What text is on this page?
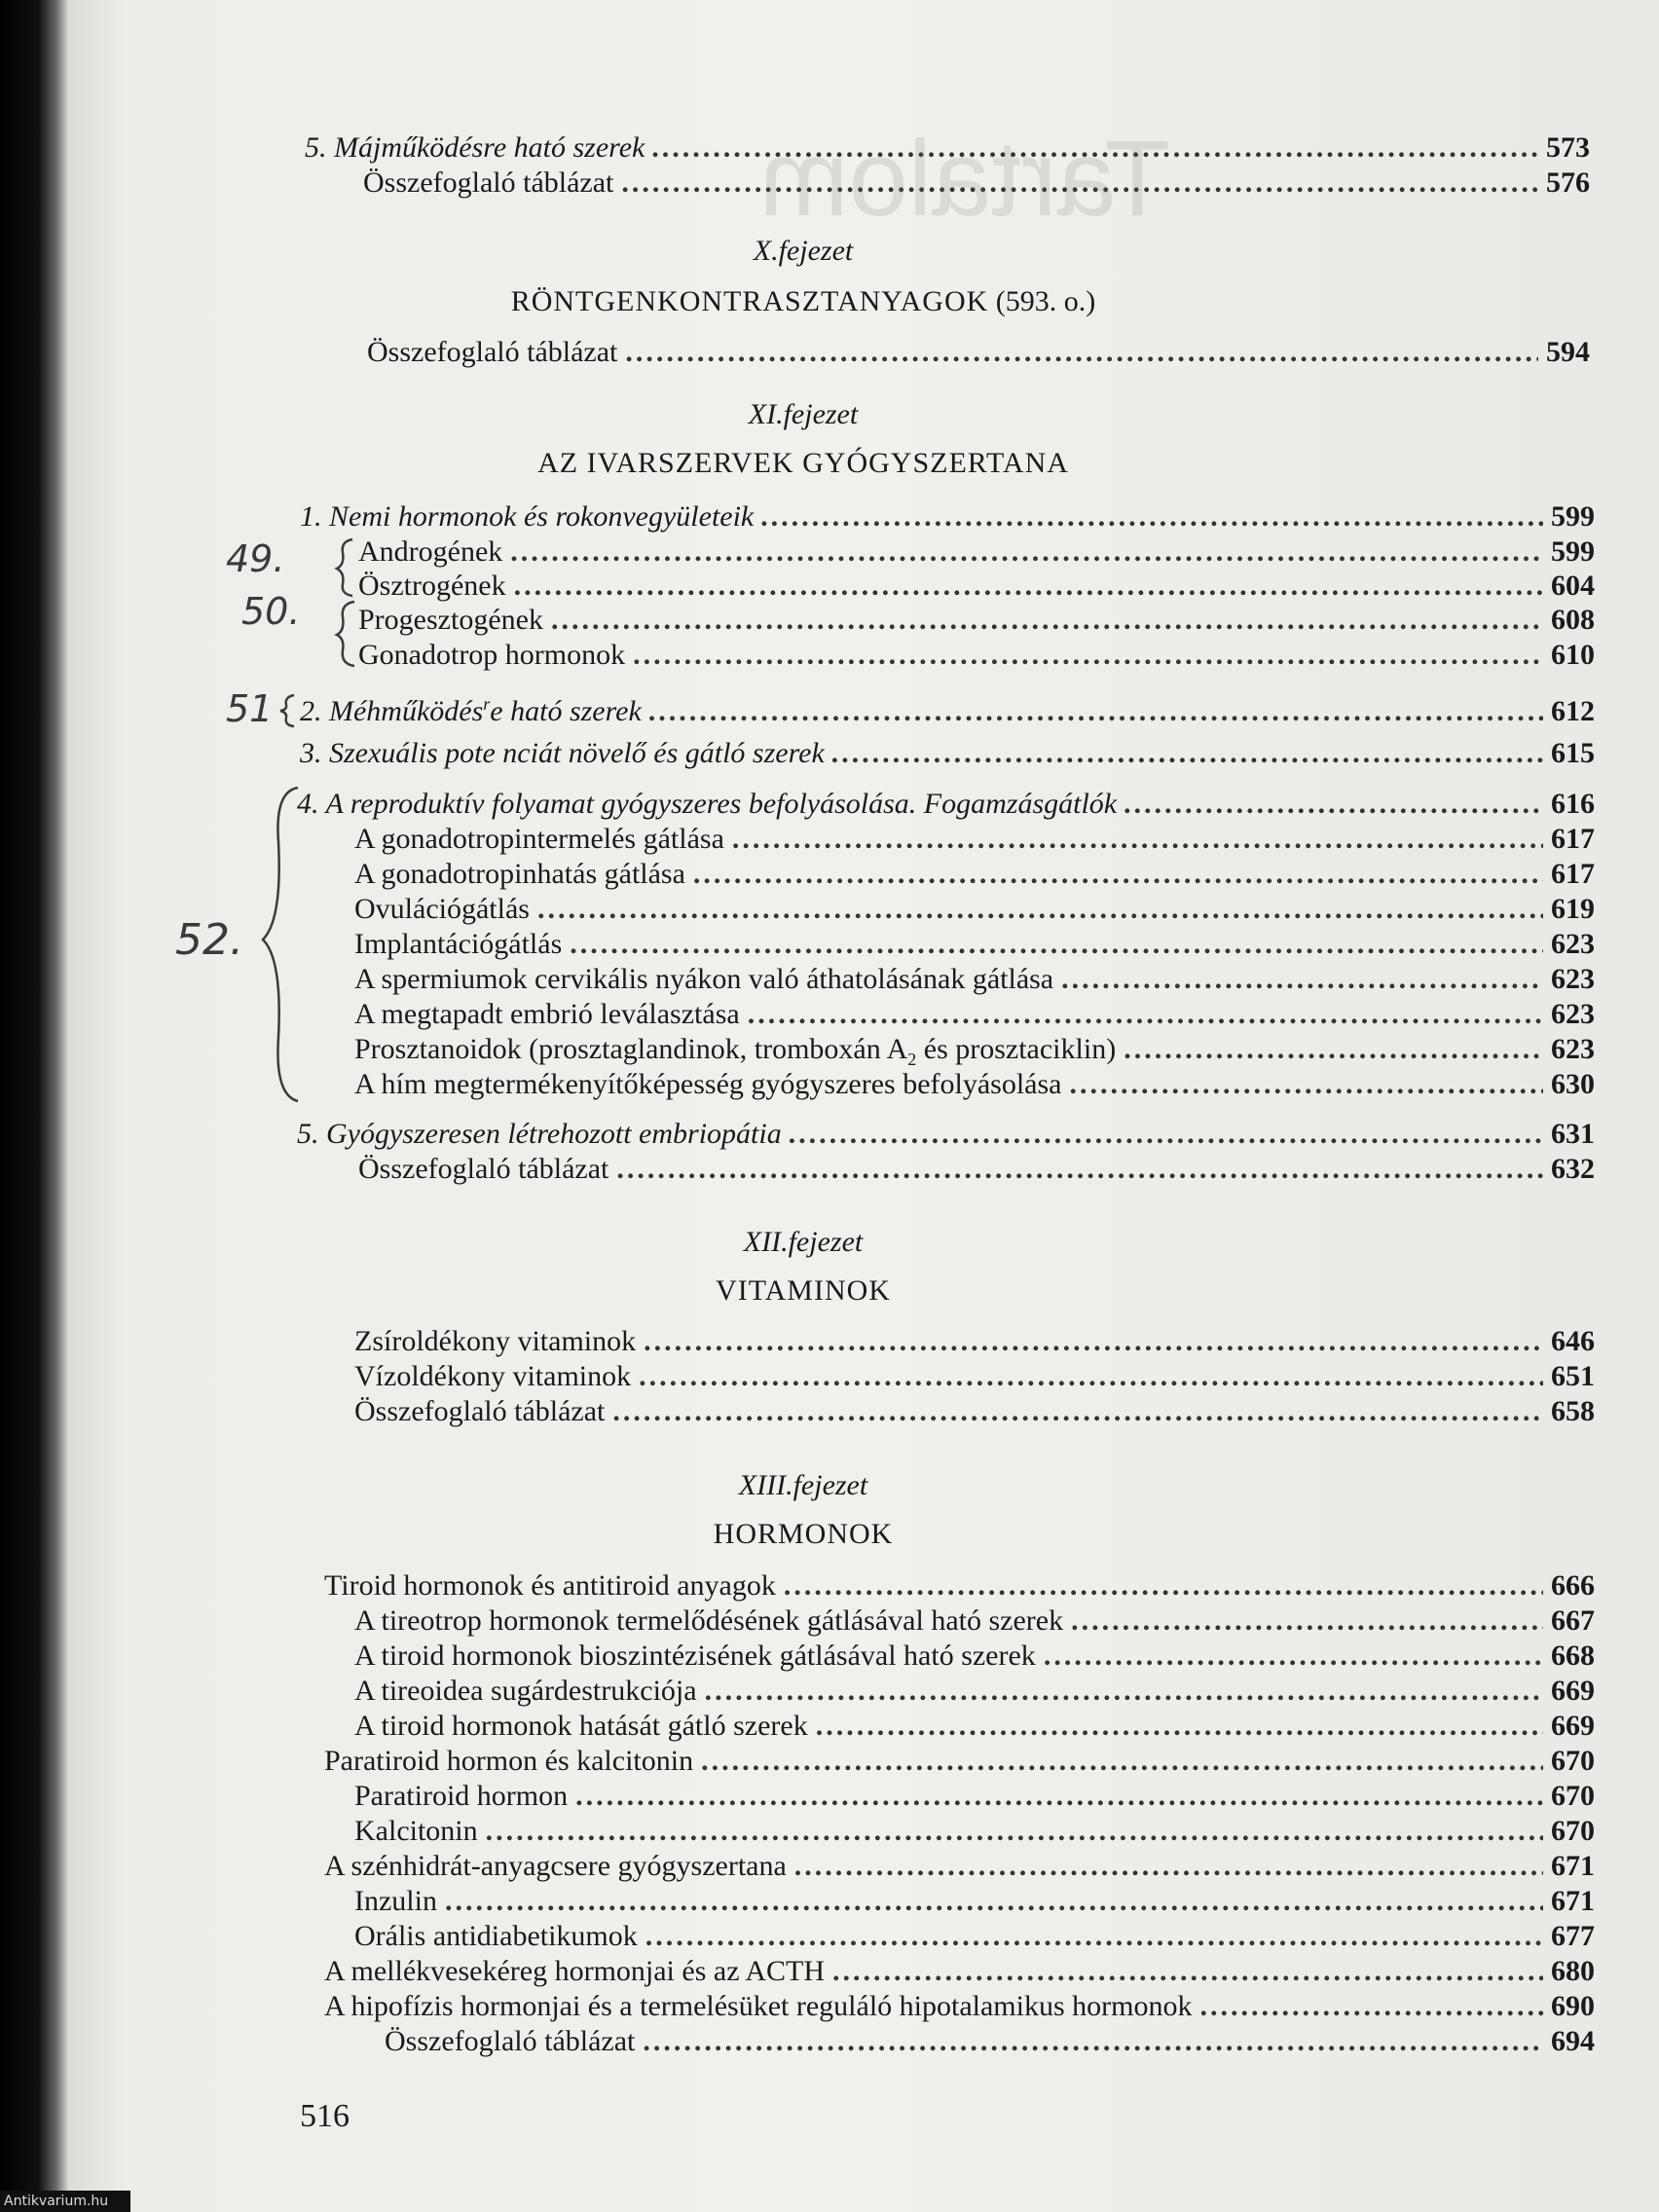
5. Májműködésre ható szerek .....	573
Összefoglaló táblázat .....	576
X.fejezet
RÖNTGENKONTRASZTANYAGOK (593. o.)
Összefoglaló táblázat .....	594
XI.fejezet
AZ IVARSZERVEK GYÓGYSZERTANA
1. Nemi hormonok és rokonvegyületeik .....	599
Androgének .....	599
Ösztrogének .....	604
Progesztogének .....	608
Gonadotrop hormonok .....	610
2. Méhműködés$^r$e ható szerek .....	612
3. Szexuális pote nciát növelő és gátló szerek .....	615
4. A reproduktív folyamat gyógyszeres befolyásolása. Fogamzásgátlók .....	616
A gonadotropintermelés gátlása .....	617
A gonadotropinhatás gátlása .....	617
Ovulációgátlás .....	619
Implantációgátlás .....	623
A spermiumok cervikális nyákon való áthatolásának gátlása .....	623
A megtapadt embrió leválasztása .....	623
Prosztanoidok (prosztaglandinok, tromboxán $A_2$ és prosztaciklin) .....	623
A hím megtermékenyítőképesség gyógyszeres befolyásolása .....	630
5. Gyógyszeresen létrehozott embriopátia .....	631
Összefoglaló táblázat .....	632
XII.fejezet
VITAMINOK
Zsíroldékony vitaminok .....	646
Vízoldékony vitaminok .....	651
Összefoglaló táblázat .....	658
XIII.fejezet
HORMONOK
Tiroid hormonok és antitiroid anyagok .....	666
A tireotrop hormonok termelődésének gátlásával ható szerek .....	667
A tiroid hormonok bioszintézisének gátlásával ható szerek .....	668
A tireoidea sugárdestrukciója .....	669
A tiroid hormonok hatását gátló szerek .....	669
Paratiroid hormon és kalcitonin .....	670
Paratiroid hormon .....	670
Kalcitonin .....	670
A szénhidrát-anyagcsere gyógyszertana .....	671
Inzulin .....	671
Orális antidiabetikumok .....	677
A mellékvesekéreg hormonjai és az ACTH .....	680
A hipofízis hormonjai és a termelésüket reguláló hipotalamikus hormonok .....	690
Összefoglaló táblázat .....	694
49.
50.
51
52.
Tartalom
516
Antikvarium.hu
